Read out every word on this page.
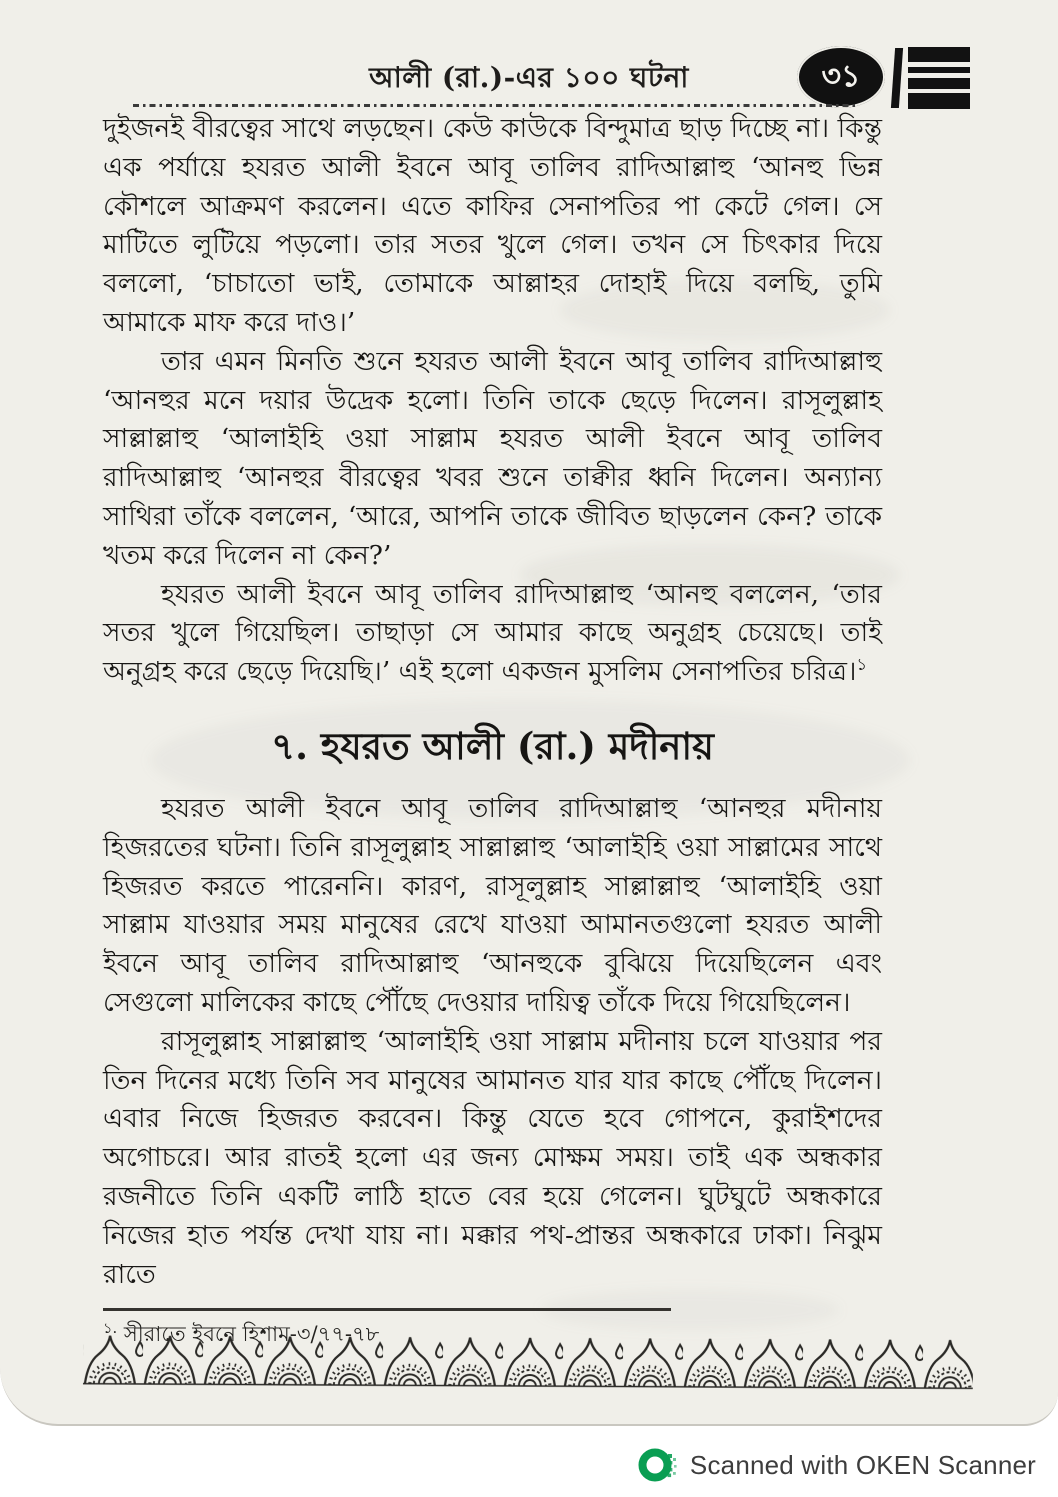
আলী (রা.)-এর ১০০ ঘটনা	৩১

দুইজনই বীরত্বের সাথে লড়ছেন। কেউ কাউকে বিন্দুমাত্র ছাড় দিচ্ছে না। কিন্তু এক পর্যায়ে হযরত আলী ইবনে আবূ তালিব রাদিআল্লাহু ‘আনহু ভিন্ন কৌশলে আক্রমণ করলেন। এতে কাফির সেনাপতির পা কেটে গেল। সে মাটিতে লুটিয়ে পড়লো। তার সতর খুলে গেল। তখন সে চিৎকার দিয়ে বললো, ‘চাচাতো ভাই, তোমাকে আল্লাহর দোহাই দিয়ে বলছি, তুমি আমাকে মাফ করে দাও।’

তার এমন মিনতি শুনে হযরত আলী ইবনে আবূ তালিব রাদিআল্লাহু ‘আনহুর মনে দয়ার উদ্রেক হলো। তিনি তাকে ছেড়ে দিলেন। রাসূলুল্লাহ সাল্লাল্লাহু ‘আলাইহি ওয়া সাল্লাম হযরত আলী ইবনে আবূ তালিব রাদিআল্লাহু ‘আনহুর বীরত্বের খবর শুনে তাক্বীর ধ্বনি দিলেন। অন্যান্য সাথিরা তাঁকে বললেন, ‘আরে, আপনি তাকে জীবিত ছাড়লেন কেন? তাকে খতম করে দিলেন না কেন?’

হযরত আলী ইবনে আবূ তালিব রাদিআল্লাহু ‘আনহু বললেন, ‘তার সতর খুলে গিয়েছিল। তাছাড়া সে আমার কাছে অনুগ্রহ চেয়েছে। তাই অনুগ্রহ করে ছেড়ে দিয়েছি।’ এই হলো একজন মুসলিম সেনাপতির চরিত্র।$^১$

৭. হযরত আলী (রা.) মদীনায়

হযরত আলী ইবনে আবূ তালিব রাদিআল্লাহু ‘আনহুর মদীনায় হিজরতের ঘটনা। তিনি রাসূলুল্লাহ সাল্লাল্লাহু ‘আলাইহি ওয়া সাল্লামের সাথে হিজরত করতে পারেননি। কারণ, রাসূলুল্লাহ সাল্লাল্লাহু ‘আলাইহি ওয়া সাল্লাম যাওয়ার সময় মানুষের রেখে যাওয়া আমানতগুলো হযরত আলী ইবনে আবূ তালিব রাদিআল্লাহু ‘আনহুকে বুঝিয়ে দিয়েছিলেন এবং সেগুলো মালিকের কাছে পৌঁছে দেওয়ার দায়িত্ব তাঁকে দিয়ে গিয়েছিলেন।

রাসূলুল্লাহ সাল্লাল্লাহু ‘আলাইহি ওয়া সাল্লাম মদীনায় চলে যাওয়ার পর তিন দিনের মধ্যে তিনি সব মানুষের আমানত যার যার কাছে পৌঁছে দিলেন। এবার নিজে হিজরত করবেন। কিন্তু যেতে হবে গোপনে, কুরাইশদের অগোচরে। আর রাতই হলো এর জন্য মোক্ষম সময়। তাই এক অন্ধকার রজনীতে তিনি একটি লাঠি হাতে বের হয়ে গেলেন। ঘুটঘুটে অন্ধকারে নিজের হাত পর্যন্ত দেখা যায় না। মক্কার পথ-প্রান্তর অন্ধকারে ঢাকা। নিঝুম রাতে

Scanned with OKEN Scanner
